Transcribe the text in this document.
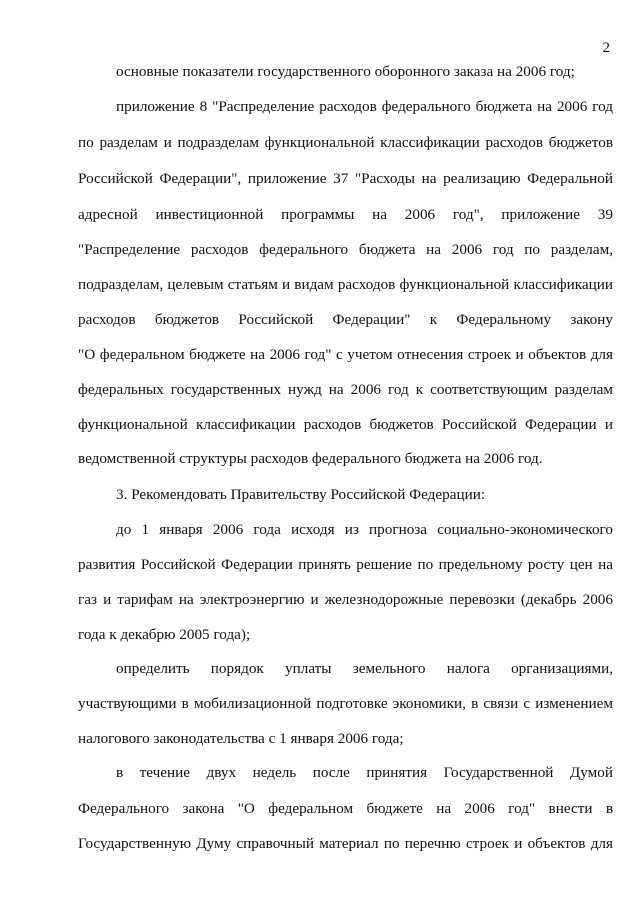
2
основные показатели государственного оборонного заказа на 2006 год;
приложение 8 "Распределение расходов федерального бюджета на 2006 год
по разделам и подразделам функциональной классификации расходов бюджетов
Российской Федерации", приложение 37 "Расходы на реализацию Федеральной
адресной инвестиционной программы на 2006 год", приложение 39
"Распределение расходов федерального бюджета на 2006 год по разделам,
подразделам, целевым статьям и видам расходов функциональной классификации
расходов бюджетов Российской Федерации" к Федеральному закону
"О федеральном бюджете на 2006 год" с учетом отнесения строек и объектов для
федеральных государственных нужд на 2006 год к соответствующим разделам
функциональной классификации расходов бюджетов Российской Федерации и
ведомственной структуры расходов федерального бюджета на 2006 год.
3. Рекомендовать Правительству Российской Федерации:
до 1 января 2006 года исходя из прогноза социально-экономического
развития Российской Федерации принять решение по предельному росту цен на
газ и тарифам на электроэнергию и железнодорожные перевозки (декабрь 2006
года к декабрю 2005 года);
определить порядок уплаты земельного налога организациями,
участвующими в мобилизационной подготовке экономики, в связи с изменением
налогового законодательства с 1 января 2006 года;
в течение двух недель после принятия Государственной Думой
Федерального закона "О федеральном бюджете на 2006 год" внести в
Государственную Думу справочный материал по перечню строек и объектов для
